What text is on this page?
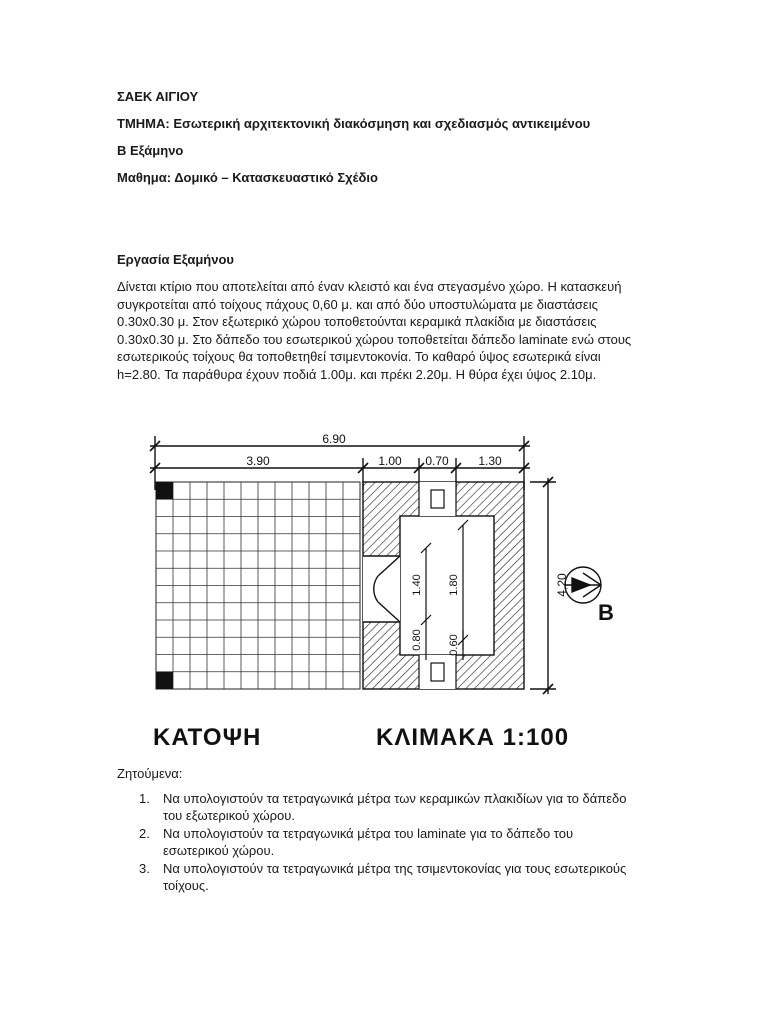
ΣΑΕΚ ΑΙΓΙΟΥ
ΤΜΗΜΑ: Εσωτερική αρχιτεκτονική διακόσμηση και σχεδιασμός αντικειμένου
Β Εξάμηνο
Μαθημα: Δομικό – Κατασκευαστικό Σχέδιο
Εργασία Εξαμήνου
Δίνεται κτίριο που αποτελείται από έναν κλειστό και ένα στεγασμένο χώρο. Η κατασκευή
συγκροτείται από τοίχους πάχους 0,60 μ. και από δύο υποστυλώματα με διαστάσεις
0.30x0.30 μ. Στον εξωτερικό χώρου τοποθετούνται κεραμικά πλακίδια με διαστάσεις
0.30x0.30 μ. Στο δάπεδο του εσωτερικού χώρου τοποθετείται δάπεδο laminate ενώ στους
εσωτερικούς τοίχους θα τοποθετηθεί τσιμεντοκονία. Το καθαρό ύψος εσωτερικά είναι
h=2.80. Τα παράθυρα έχουν ποδιά 1.00μ. και πρέκι 2.20μ. Η θύρα έχει ύψος 2.10μ.
6.90
3.90	1.00 0.70 1.30
4,20
1.40 1.80
0.80 0.60
Β
ΚΑΤΟΨΗ	ΚΛΙΜΑΚΑ 1:100
Ζητούμενα:
1. Να υπολογιστούν τα τετραγωνικά μέτρα των κεραμικών πλακιδίων για το δάπεδο
του εξωτερικού χώρου.
2. Να υπολογιστούν τα τετραγωνικά μέτρα του laminate για το δάπεδο του
εσωτερικού χώρου.
3. Να υπολογιστούν τα τετραγωνικά μέτρα της τσιμεντοκονίας για τους εσωτερικούς
τοίχους.
